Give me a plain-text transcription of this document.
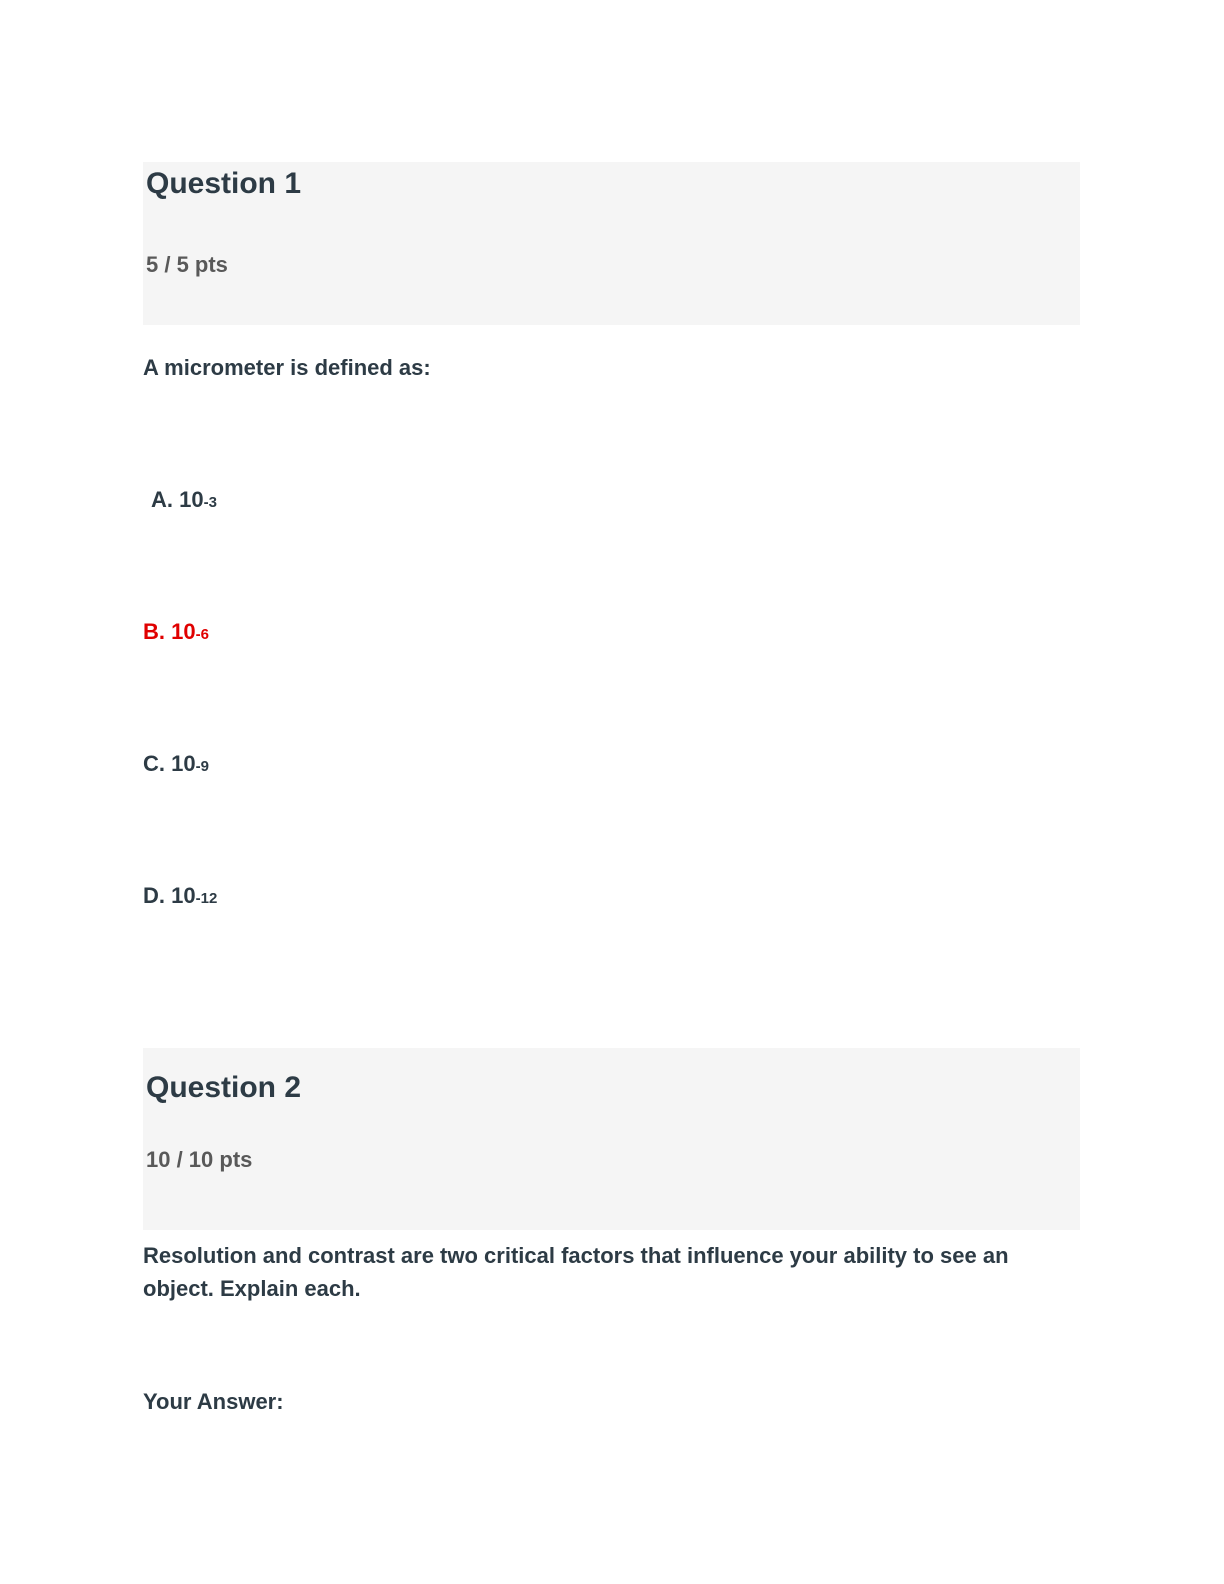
Question 1
5 / 5 pts

A micrometer is defined as:

A. 10-3
B. 10-6
C. 10-9
D. 10-12
Question 2
10 / 10 pts

Resolution and contrast are two critical factors that influence your ability to see an object. Explain each.

Your Answer:
